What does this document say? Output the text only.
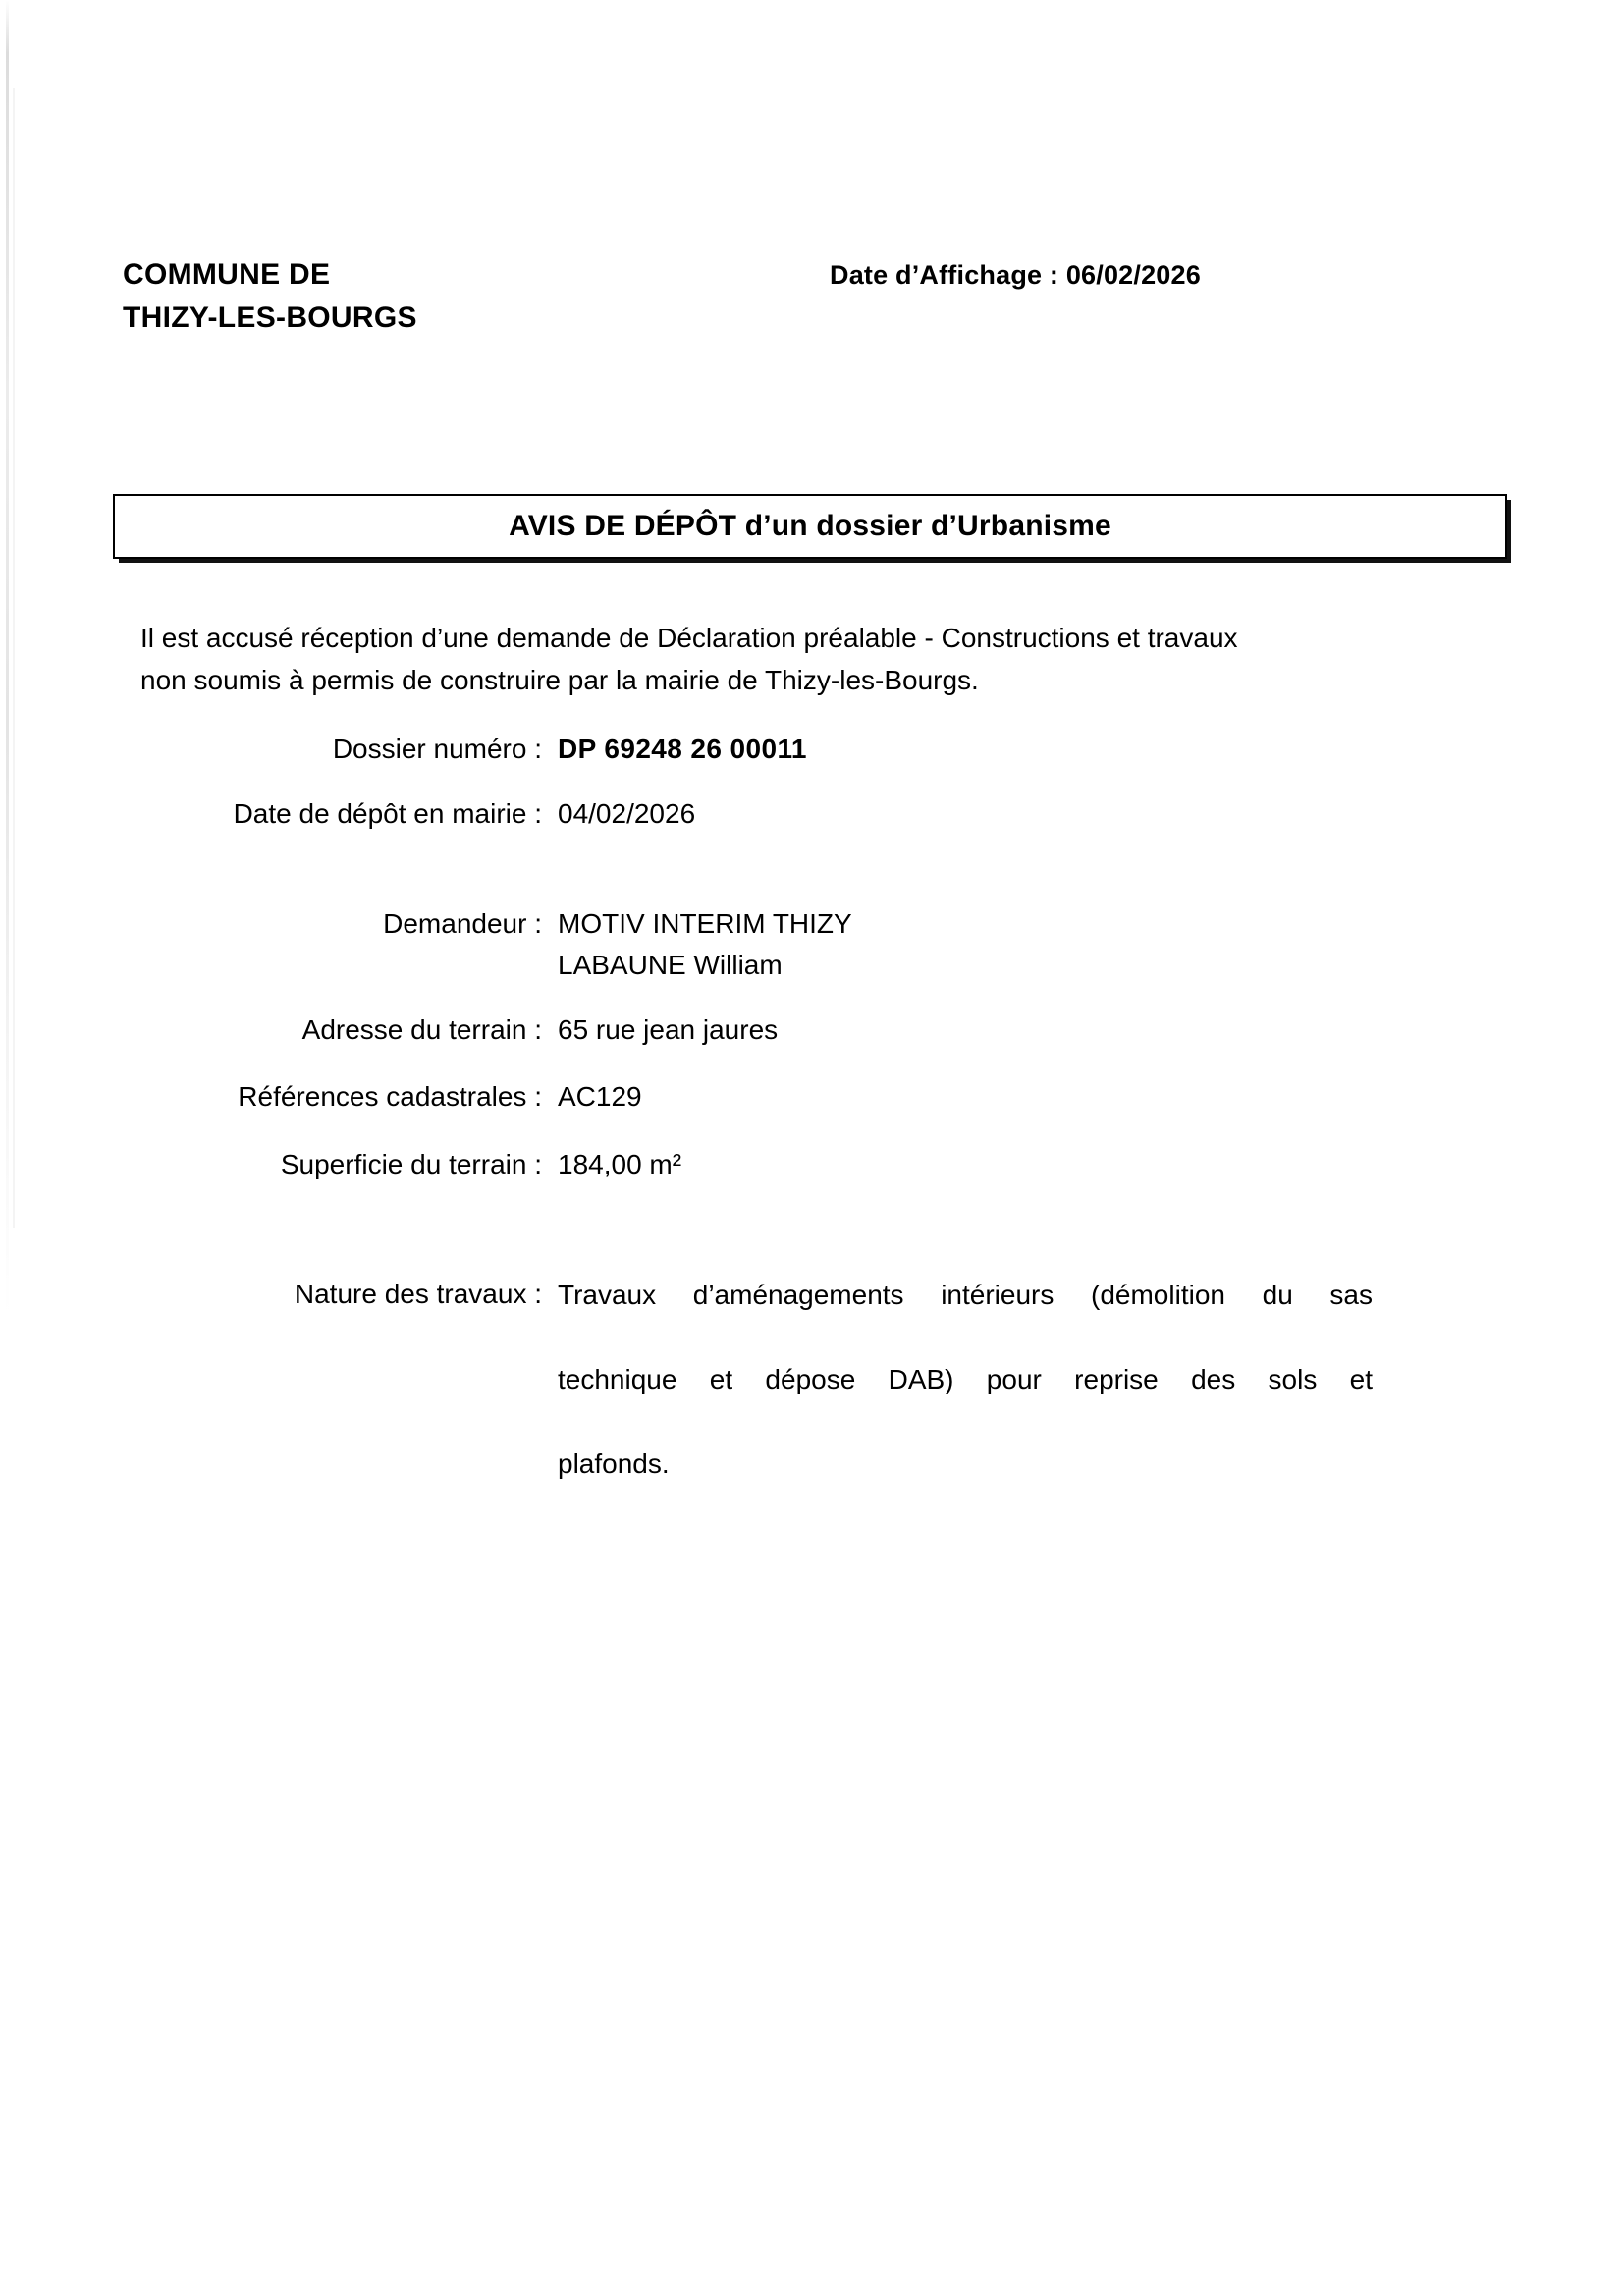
COMMUNE DE
THIZY-LES-BOURGS
Date d’Affichage : 06/02/2026
AVIS DE DÉPÔT d’un dossier d’Urbanisme
Il est accusé réception d’une demande de Déclaration préalable - Constructions et travaux
non soumis à permis de construire par la mairie de Thizy-les-Bourgs.
Dossier numéro : DP 69248 26 00011
Date de dépôt en mairie : 04/02/2026
Demandeur : MOTIV INTERIM THIZY
LABAUNE William
Adresse du terrain : 65 rue jean jaures
Références cadastrales : AC129
Superficie du terrain : 184,00 m²
Nature des travaux : Travaux d’aménagements intérieurs (démolition du sas
technique et dépose DAB) pour reprise des sols et
plafonds.
